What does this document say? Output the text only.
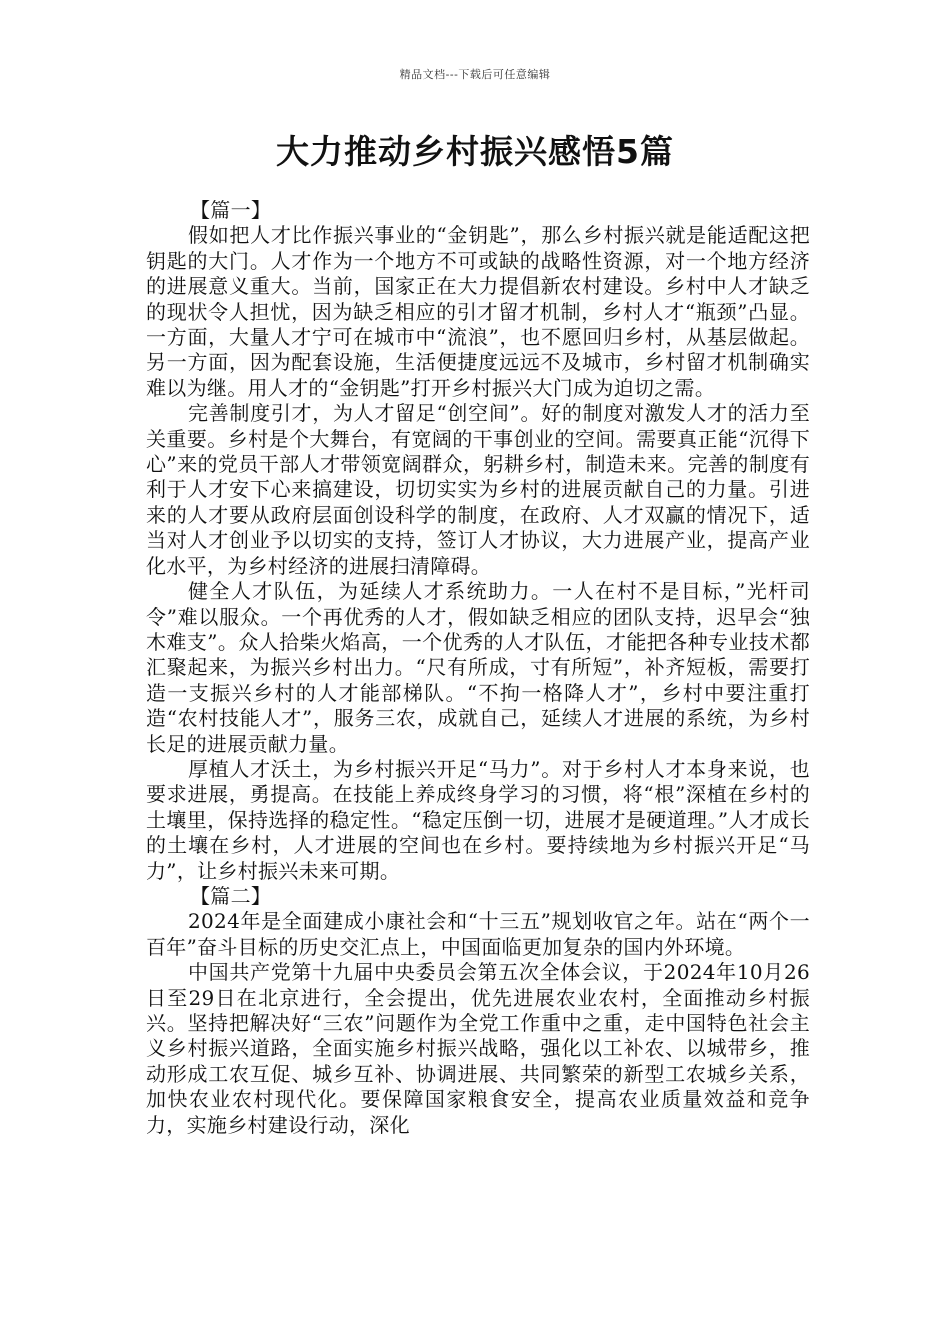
精品文档---下载后可任意编辑
大力推动乡村振兴感悟5篇

【篇一】

假如把人才比作振兴事业的“金钥匙”，那么乡村振兴就是能适配这把钥匙的大门。人才作为一个地方不可或缺的战略性资源，对一个地方经济的进展意义重大。当前，国家正在大力提倡新农村建设。乡村中人才缺乏的现状令人担忧，因为缺乏相应的引才留才机制，乡村人才“瓶颈”凸显。一方面，大量人才宁可在城市中“流浪”，也不愿回归乡村，从基层做起。另一方面，因为配套设施，生活便捷度远远不及城市，乡村留才机制确实难以为继。用人才的“金钥匙”打开乡村振兴大门成为迫切之需。

完善制度引才，为人才留足“创空间”。好的制度对激发人才的活力至关重要。乡村是个大舞台，有宽阔的干事创业的空间。需要真正能“沉得下心”来的党员干部人才带领宽阔群众，躬耕乡村，制造未来。完善的制度有利于人才安下心来搞建设，切切实实为乡村的进展贡献自己的力量。引进来的人才要从政府层面创设科学的制度，在政府、人才双赢的情况下，适当对人才创业予以切实的支持，签订人才协议，大力进展产业，提高产业化水平，为乡村经济的进展扫清障碍。

健全人才队伍，为延续人才系统助力。一人在村不是目标，”光杆司令”难以服众。一个再优秀的人才，假如缺乏相应的团队支持，迟早会“独木难支”。众人拾柴火焰高，一个优秀的人才队伍，才能把各种专业技术都汇聚起来，为振兴乡村出力。“尺有所成，寸有所短”，补齐短板，需要打造一支振兴乡村的人才能部梯队。“不拘一格降人才”，乡村中要注重打造“农村技能人才”，服务三农，成就自己，延续人才进展的系统，为乡村长足的进展贡献力量。

厚植人才沃土，为乡村振兴开足“马力”。对于乡村人才本身来说，也要求进展，勇提高。在技能上养成终身学习的习惯，将“根”深植在乡村的土壤里，保持选择的稳定性。“稳定压倒一切，进展才是硬道理。”人才成长的土壤在乡村，人才进展的空间也在乡村。要持续地为乡村振兴开足“马力”，让乡村振兴未来可期。

【篇二】

2024年是全面建成小康社会和“十三五”规划收官之年。站在“两个一百年”奋斗目标的历史交汇点上，中国面临更加复杂的国内外环境。

中国共产党第十九届中央委员会第五次全体会议，于2024年10月26日至29日在北京进行，全会提出，优先进展农业农村，全面推动乡村振兴。坚持把解决好“三农”问题作为全党工作重中之重，走中国特色社会主义乡村振兴道路，全面实施乡村振兴战略，强化以工补农、以城带乡，推动形成工农互促、城乡互补、协调进展、共同繁荣的新型工农城乡关系，加快农业农村现代化。要保障国家粮食安全，提高农业质量效益和竞争力，实施乡村建设行动，深化
